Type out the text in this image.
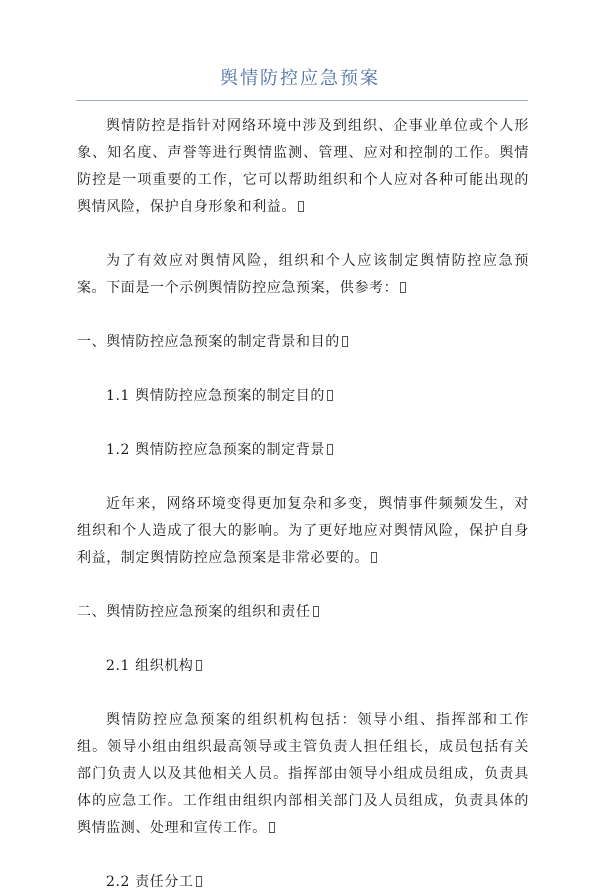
舆情防控应急预案

舆情防控是指针对网络环境中涉及到组织、企事业单位或个人形象、知名度、声誉等进行舆情监测、管理、应对和控制的工作。舆情防控是一项重要的工作，它可以帮助组织和个人应对各种可能出现的舆情风险，保护自身形象和利益。

为了有效应对舆情风险，组织和个人应该制定舆情防控应急预案。下面是一个示例舆情防控应急预案，供参考：

一、舆情防控应急预案的制定背景和目的

1.1 舆情防控应急预案的制定目的

1.2 舆情防控应急预案的制定背景

近年来，网络环境变得更加复杂和多变，舆情事件频频发生，对组织和个人造成了很大的影响。为了更好地应对舆情风险，保护自身利益，制定舆情防控应急预案是非常必要的。

二、舆情防控应急预案的组织和责任

2.1 组织机构

舆情防控应急预案的组织机构包括：领导小组、指挥部和工作组。领导小组由组织最高领导或主管负责人担任组长，成员包括有关部门负责人以及其他相关人员。指挥部由领导小组成员组成，负责具体的应急工作。工作组由组织内部相关部门及人员组成，负责具体的舆情监测、处理和宣传工作。

2.2 责任分工
